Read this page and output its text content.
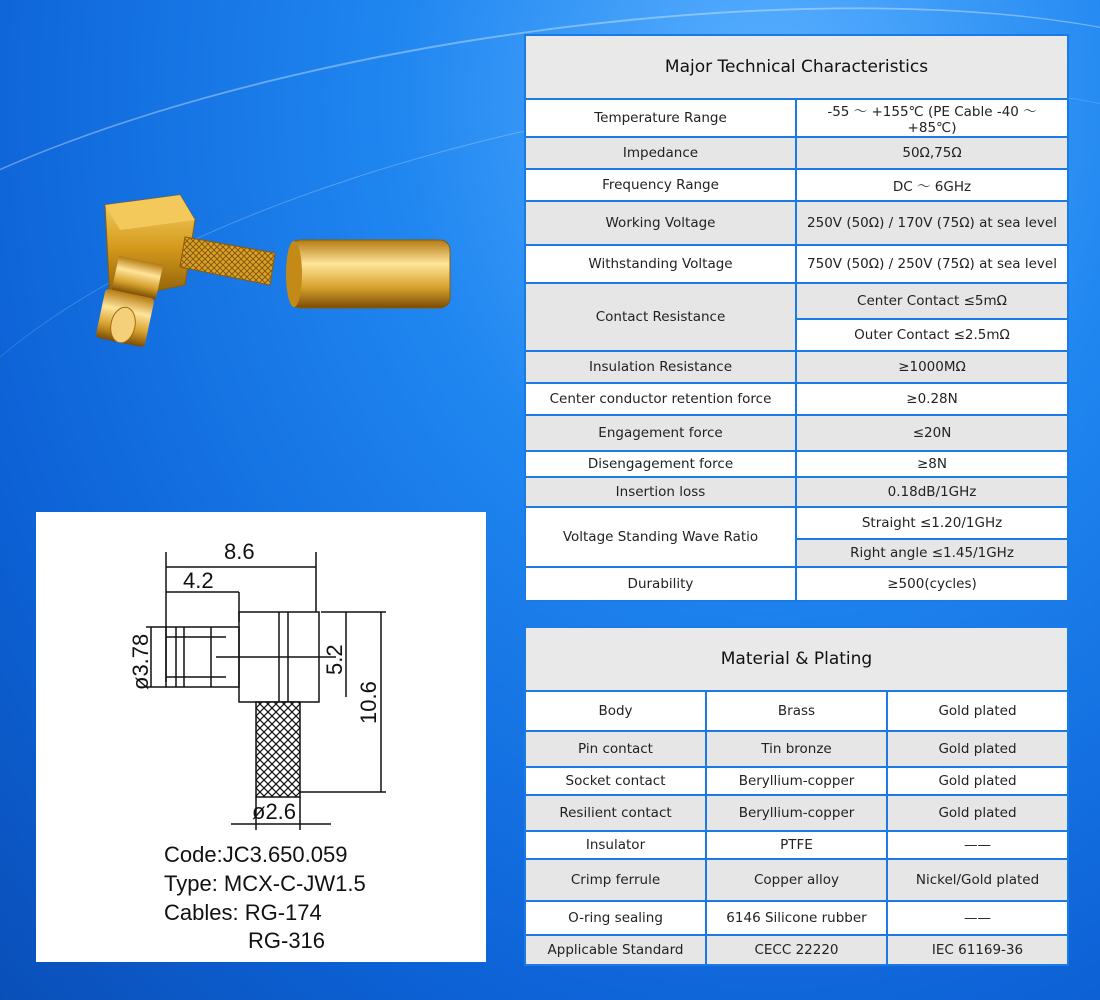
8.6
4.2
ø3.78	5.2
10.6
ø2.6
Code:JC3.650.059
Type: MCX-C-JW1.5
Cables: RG-174
RG-316
Major Technical Characteristics	
Temperature Range	-55 ～ +155℃ (PE Cable -40 ～ +85℃)
Impedance	50Ω,75Ω
Frequency Range	DC ～ 6GHz
Working Voltage	250V (50Ω) / 170V (75Ω) at sea level
Withstanding Voltage	750V (50Ω) / 250V (75Ω) at sea level
Contact Resistance	Center Contact ≤5mΩ
	Outer Contact ≤2.5mΩ
Insulation Resistance	≥1000MΩ
Center conductor retention force	≥0.28N
Engagement force	≤20N
Disengagement force	≥8N
Insertion loss	0.18dB/1GHz
Voltage Standing Wave Ratio	Straight ≤1.20/1GHz
	Right angle ≤1.45/1GHz
Durability	≥500(cycles)
Material & Plating		
Body	Brass	Gold plated
Pin contact	Tin bronze	Gold plated
Socket contact	Beryllium-copper	Gold plated
Resilient contact	Beryllium-copper	Gold plated
Insulator	PTFE	——
Crimp ferrule	Copper alloy	Nickel/Gold plated
O-ring sealing	6146 Silicone rubber	——
Applicable Standard	CECC 22220	IEC 61169-36
